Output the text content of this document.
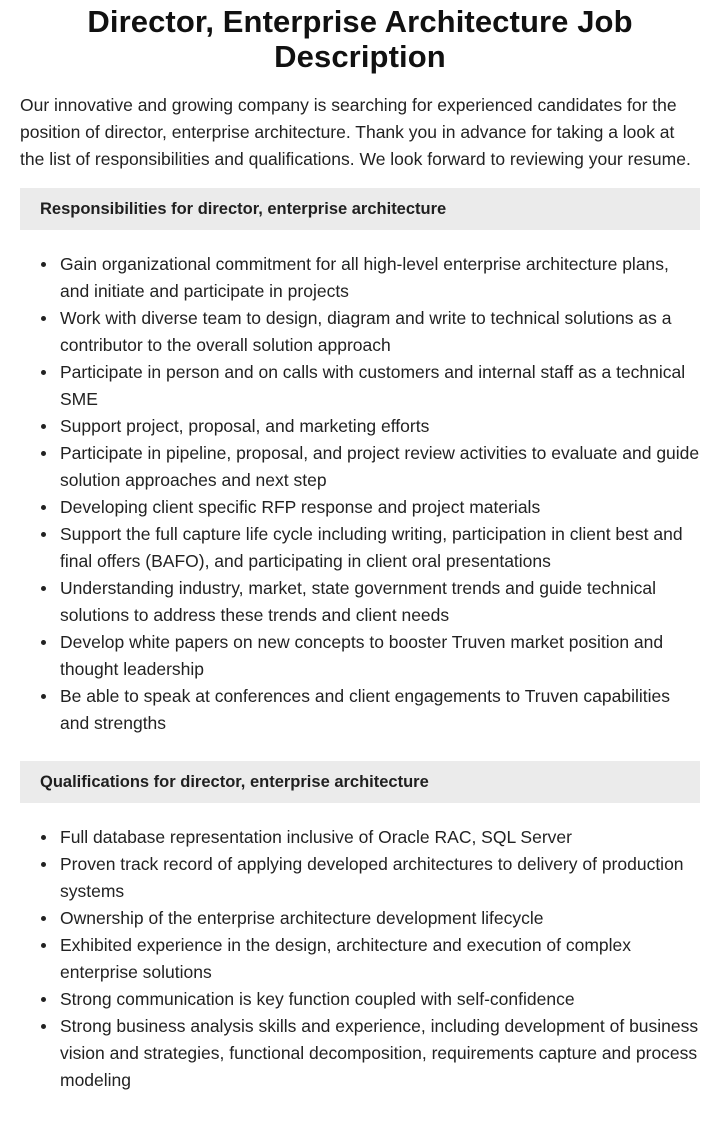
Director, Enterprise Architecture Job Description

Our innovative and growing company is searching for experienced candidates for the position of director, enterprise architecture. Thank you in advance for taking a look at the list of responsibilities and qualifications. We look forward to reviewing your resume.

Responsibilities for director, enterprise architecture
Gain organizational commitment for all high-level enterprise architecture plans, and initiate and participate in projects
Work with diverse team to design, diagram and write to technical solutions as a contributor to the overall solution approach
Participate in person and on calls with customers and internal staff as a technical SME
Support project, proposal, and marketing efforts
Participate in pipeline, proposal, and project review activities to evaluate and guide solution approaches and next step
Developing client specific RFP response and project materials
Support the full capture life cycle including writing, participation in client best and final offers (BAFO), and participating in client oral presentations
Understanding industry, market, state government trends and guide technical solutions to address these trends and client needs
Develop white papers on new concepts to booster Truven market position and thought leadership
Be able to speak at conferences and client engagements to Truven capabilities and strengths
Qualifications for director, enterprise architecture
Full database representation inclusive of Oracle RAC, SQL Server
Proven track record of applying developed architectures to delivery of production systems
Ownership of the enterprise architecture development lifecycle
Exhibited experience in the design, architecture and execution of complex enterprise solutions
Strong communication is key function coupled with self-confidence
Strong business analysis skills and experience, including development of business vision and strategies, functional decomposition, requirements capture and process modeling
